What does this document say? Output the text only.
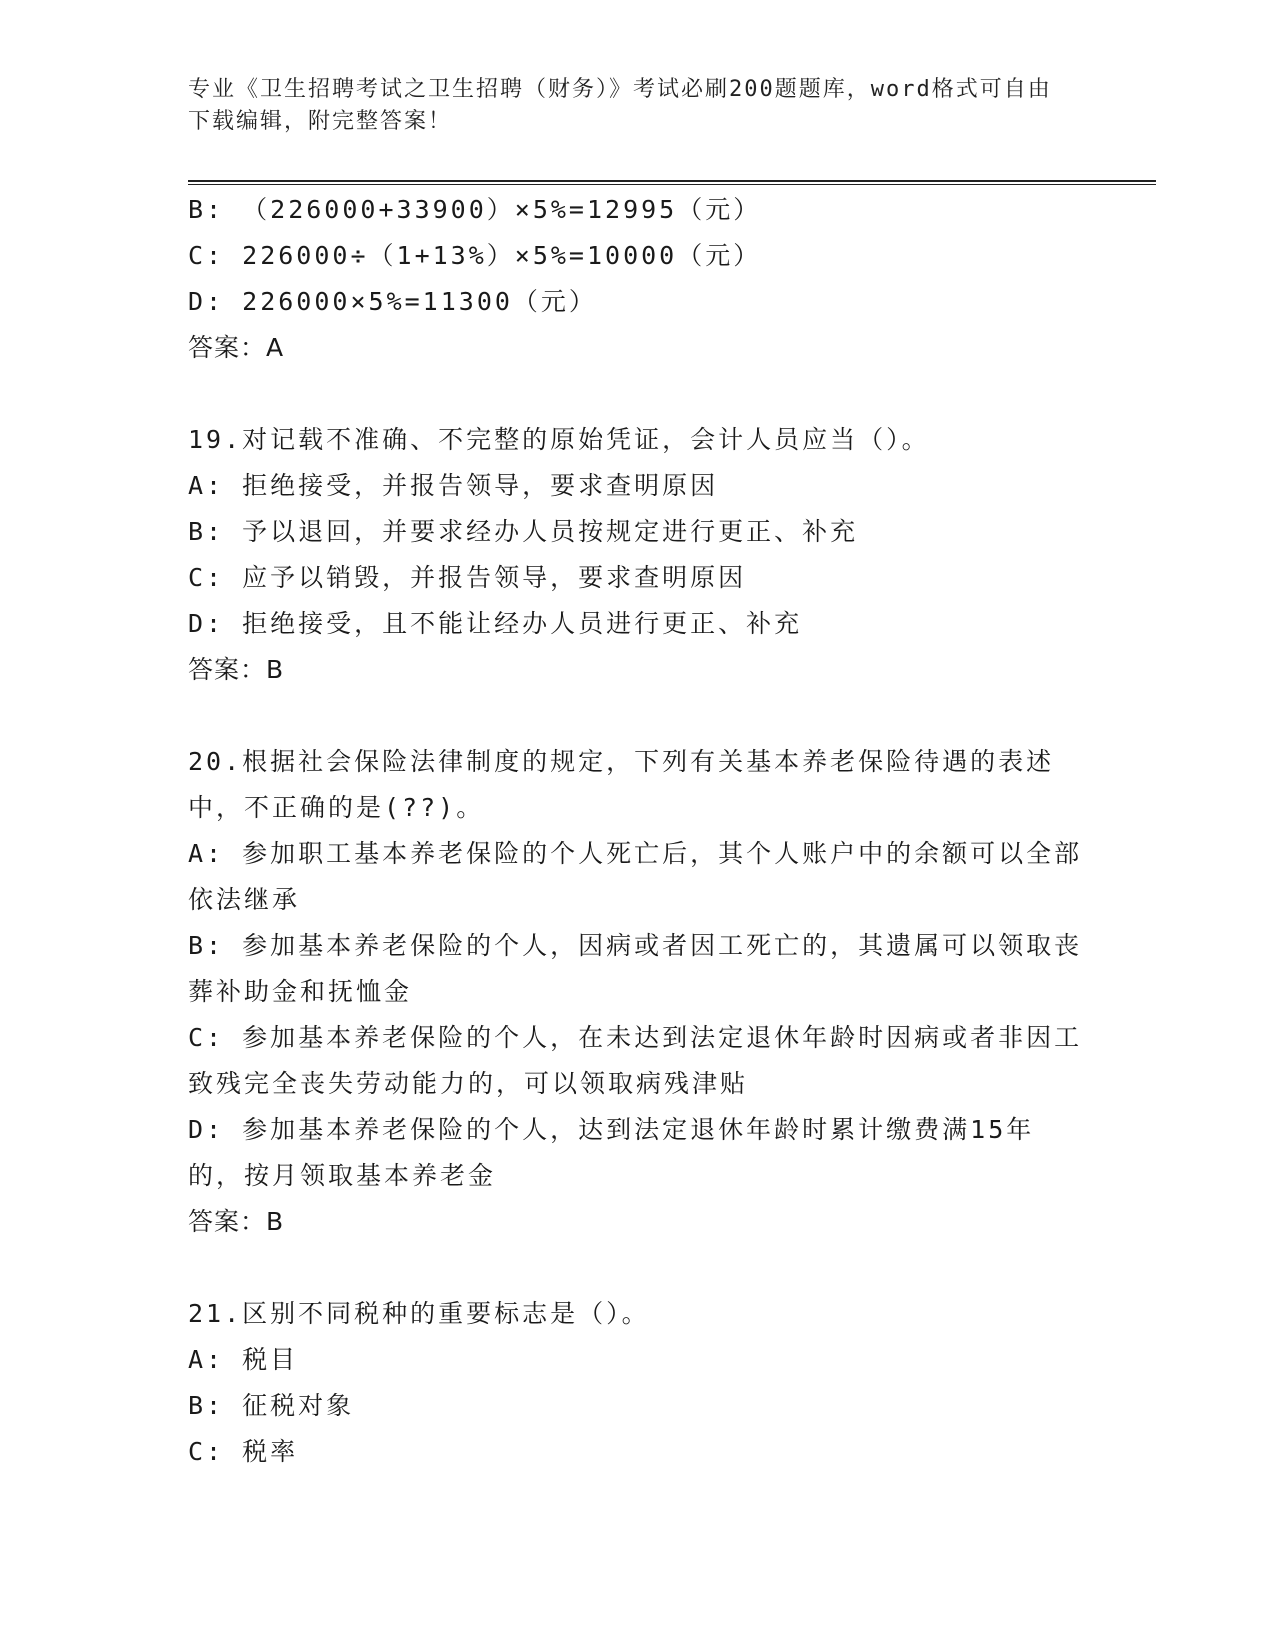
专业《卫生招聘考试之卫生招聘（财务）》考试必刷200题题库，word格式可自由下载编辑，附完整答案！
B: （226000+33900）×5%=12995（元）
C: 226000÷（1+13%）×5%=10000（元）
D: 226000×5%=11300（元）
答案：A
19.对记载不准确、不完整的原始凭证，会计人员应当（）。
A: 拒绝接受，并报告领导，要求查明原因
B: 予以退回，并要求经办人员按规定进行更正、补充
C: 应予以销毁，并报告领导，要求查明原因
D: 拒绝接受，且不能让经办人员进行更正、补充
答案：B
20.根据社会保险法律制度的规定，下列有关基本养老保险待遇的表述中，不正确的是(??)。
A: 参加职工基本养老保险的个人死亡后，其个人账户中的余额可以全部依法继承
B: 参加基本养老保险的个人，因病或者因工死亡的，其遗属可以领取丧葬补助金和抚恤金
C: 参加基本养老保险的个人，在未达到法定退休年龄时因病或者非因工致残完全丧失劳动能力的，可以领取病残津贴
D: 参加基本养老保险的个人，达到法定退休年龄时累计缴费满15年的，按月领取基本养老金
答案：B
21.区别不同税种的重要标志是（）。
A: 税目
B: 征税对象
C: 税率
